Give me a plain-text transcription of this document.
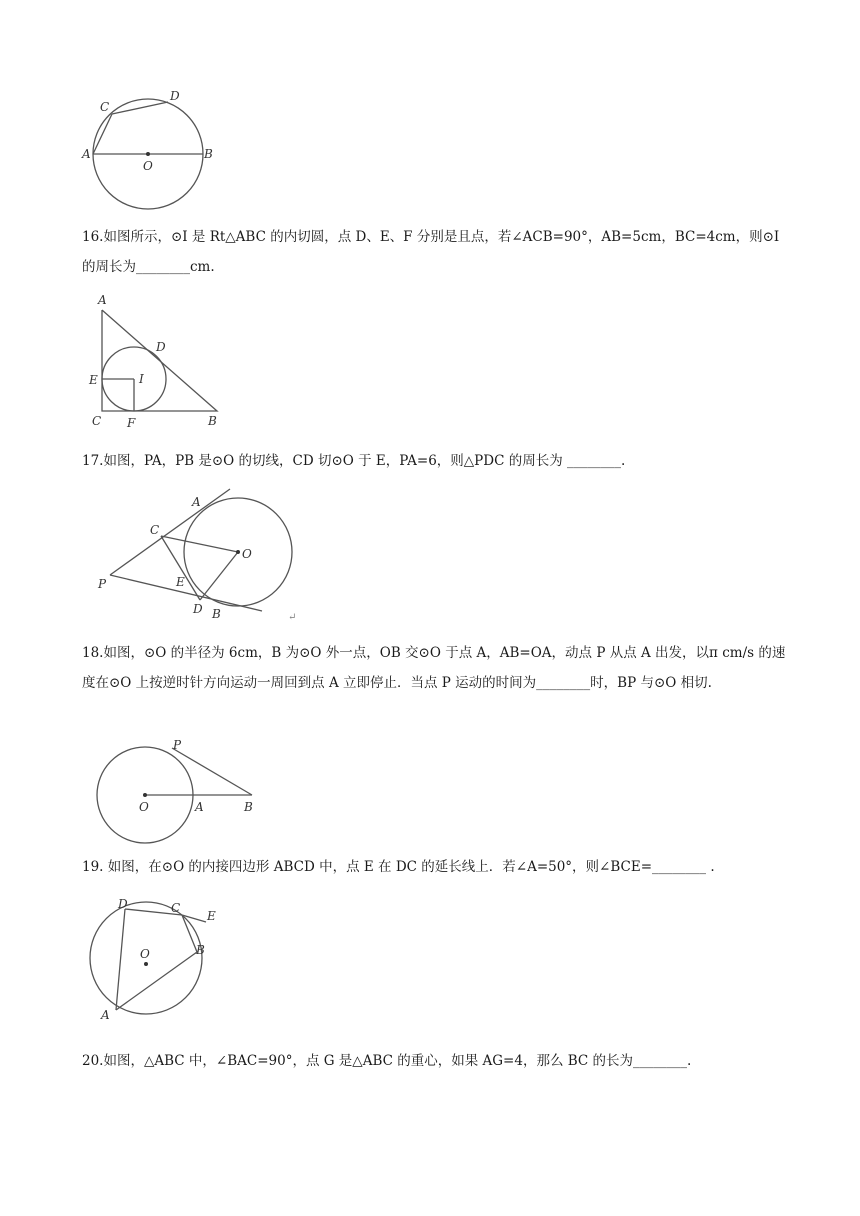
A	B
C
D
O

16.如图所示，⊙I 是 Rt△ABC 的内切圆，点 D、E、F 分别是且点，若∠ACB=90°，AB=5cm，BC=4cm，则⊙I 的周长为________cm.

A
D
E	I
C F	B

17.如图，PA，PB 是⊙O 的切线，CD 切⊙O 于 E，PA=6，则△PDC 的周长为 ________.

A
C
O
P	E
D B	↵

18.如图，⊙O 的半径为 6cm，B 为⊙O 外一点，OB 交⊙O 于点 A，AB=OA，动点 P 从点 A 出发，以π cm/s 的速度在⊙O 上按逆时针方向运动一周回到点 A 立即停止．当点 P 运动的时间为________时，BP 与⊙O 相切.

P
O	A	B

19. 如图，在⊙O 的内接四边形 ABCD 中，点 E 在 DC 的延长线上．若∠A=50°，则∠BCE=________ .

D	C
E
O	B
A

20.如图，△ABC 中，∠BAC=90°，点 G 是△ABC 的重心，如果 AG=4，那么 BC 的长为________.
